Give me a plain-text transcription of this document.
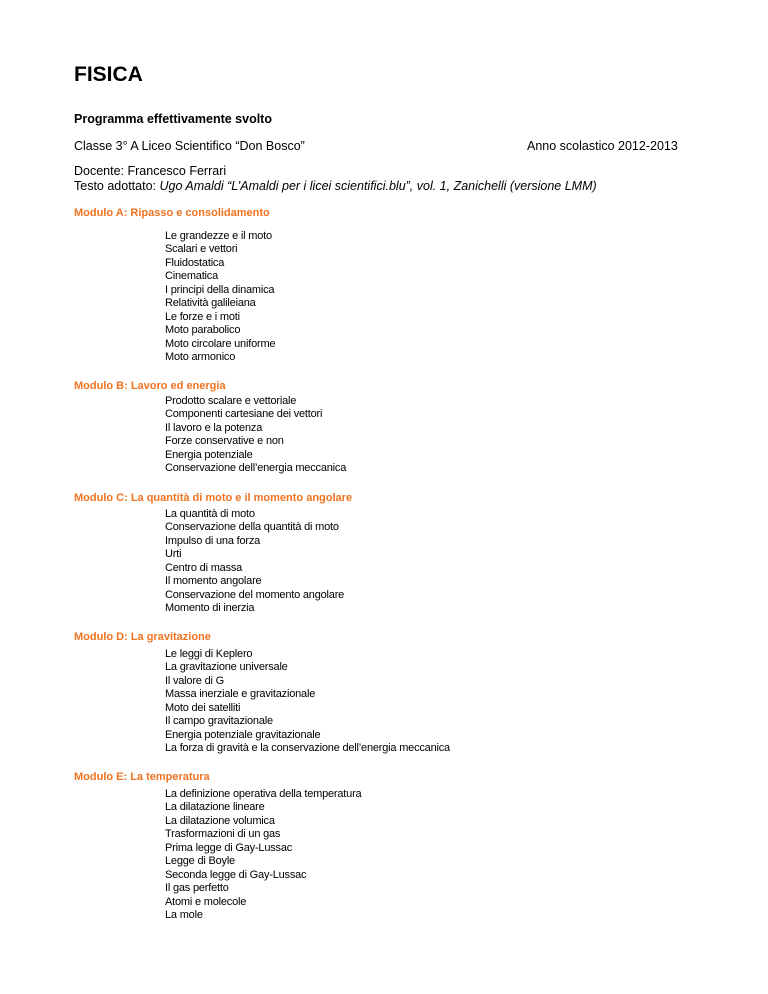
FISICA

Programma effettivamente svolto

Classe 3° A Liceo Scientifico “Don Bosco”	Anno scolastico 2012-2013
Docente: Francesco Ferrari
Testo adottato: Ugo Amaldi “L’Amaldi per i licei scientifici.blu”, vol. 1, Zanichelli (versione LMM)
Modulo A: Ripasso e consolidamento
Le grandezze e il moto
Scalari e vettori
Fluidostatica
Cinematica
I principi della dinamica
Relatività galileiana
Le forze e i moti
Moto parabolico
Moto circolare uniforme
Moto armonico
Modulo B: Lavoro ed energia
Prodotto scalare e vettoriale
Componenti cartesiane dei vettori
Il lavoro e la potenza
Forze conservative e non
Energia potenziale
Conservazione dell’energia meccanica
Modulo C: La quantità di moto e il momento angolare
La quantità di moto
Conservazione della quantità di moto
Impulso di una forza
Urti
Centro di massa
Il momento angolare
Conservazione del momento angolare
Momento di inerzia
Modulo D: La gravitazione
Le leggi di Keplero
La gravitazione universale
Il valore di G
Massa inerziale e gravitazionale
Moto dei satelliti
Il campo gravitazionale
Energia potenziale gravitazionale
La forza di gravità e la conservazione dell’energia meccanica
Modulo E: La temperatura
La definizione operativa della temperatura
La dilatazione lineare
La dilatazione volumica
Trasformazioni di un gas
Prima legge di Gay-Lussac
Legge di Boyle
Seconda legge di Gay-Lussac
Il gas perfetto
Atomi e molecole
La mole
